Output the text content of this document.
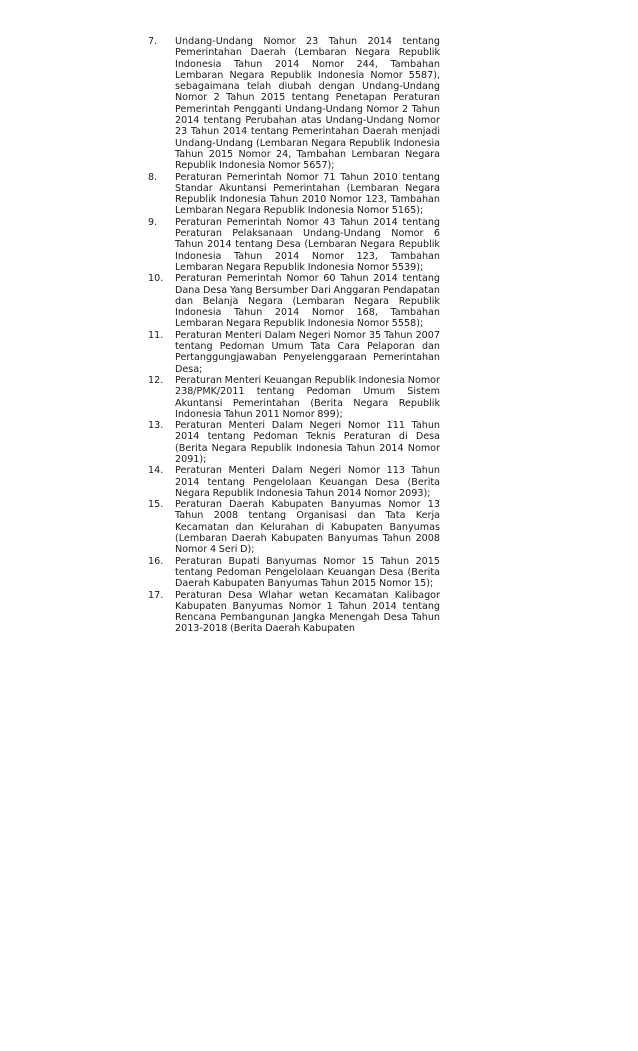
7. Undang-Undang Nomor 23 Tahun 2014 tentang Pemerintahan Daerah (Lembaran Negara Republik Indonesia Tahun 2014 Nomor 244, Tambahan Lembaran Negara Republik Indonesia Nomor 5587), sebagaimana telah diubah dengan Undang-Undang Nomor 2 Tahun 2015 tentang Penetapan Peraturan Pemerintah Pengganti Undang-Undang Nomor 2 Tahun 2014 tentang Perubahan atas Undang-Undang Nomor 23 Tahun 2014 tentang Pemerintahan Daerah menjadi Undang-Undang (Lembaran Negara Republik Indonesia Tahun 2015 Nomor 24, Tambahan Lembaran Negara Republik Indonesia Nomor 5657);
8. Peraturan Pemerintah Nomor 71 Tahun 2010 tentang Standar Akuntansi Pemerintahan (Lembaran Negara Republik Indonesia Tahun 2010 Nomor 123, Tambahan Lembaran Negara Republik Indonesia Nomor 5165);
9. Peraturan Pemerintah Nomor 43 Tahun 2014 tentang Peraturan Pelaksanaan Undang-Undang Nomor 6 Tahun 2014 tentang Desa (Lembaran Negara Republik Indonesia Tahun 2014 Nomor 123, Tambahan Lembaran Negara Republik Indonesia Nomor 5539);
10. Peraturan Pemerintah Nomor 60 Tahun 2014 tentang Dana Desa Yang Bersumber Dari Anggaran Pendapatan dan Belanja Negara (Lembaran Negara Republik Indonesia Tahun 2014 Nomor 168, Tambahan Lembaran Negara Republik Indonesia Nomor 5558);
11. Peraturan Menteri Dalam Negeri Nomor 35 Tahun 2007 tentang Pedoman Umum Tata Cara Pelaporan dan Pertanggungjawaban Penyelenggaraan Pemerintahan Desa;
12. Peraturan Menteri Keuangan Republik Indonesia Nomor 238/PMK/2011 tentang Pedoman Umum Sistem Akuntansi Pemerintahan (Berita Negara Republik Indonesia Tahun 2011 Nomor 899);
13. Peraturan Menteri Dalam Negeri Nomor 111 Tahun 2014 tentang Pedoman Teknis Peraturan di Desa (Berita Negara Republik Indonesia Tahun 2014 Nomor 2091);
14. Peraturan Menteri Dalam Negeri Nomor 113 Tahun 2014 tentang Pengelolaan Keuangan Desa (Berita Negara Republik Indonesia Tahun 2014 Nomor 2093);
15. Peraturan Daerah Kabupaten Banyumas Nomor 13 Tahun 2008 tentang Organisasi dan Tata Kerja Kecamatan dan Kelurahan di Kabupaten Banyumas (Lembaran Daerah Kabupaten Banyumas Tahun 2008 Nomor 4 Seri D);
16. Peraturan Bupati Banyumas Nomor 15 Tahun 2015 tentang Pedoman Pengelolaan Keuangan Desa (Berita Daerah Kabupaten Banyumas Tahun 2015 Nomor 15);
17. Peraturan Desa Wlahar wetan Kecamatan Kalibagor Kabupaten Banyumas Nomor 1 Tahun 2014 tentang Rencana Pembangunan Jangka Menengah Desa Tahun 2013-2018 (Berita Daerah Kabupaten
